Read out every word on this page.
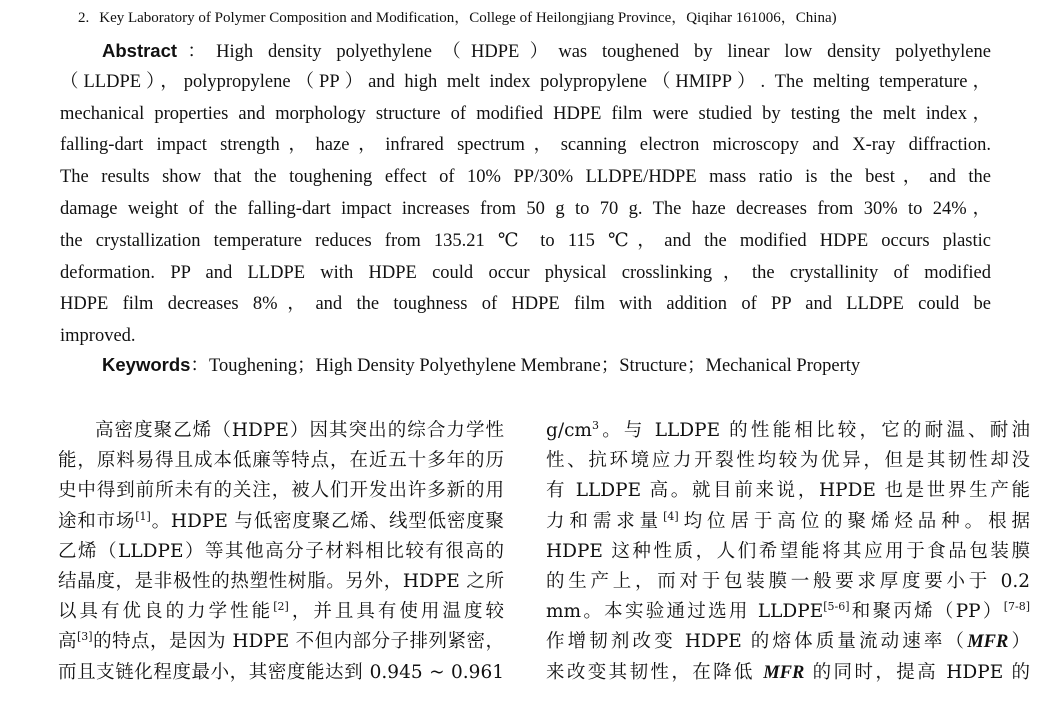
2. Key Laboratory of Polymer Composition and Modification，College of Heilongjiang Province，Qiqihar 161006，China)
Abstract：High density polyethylene（HDPE）was toughened by linear low density polyethylene
（LLDPE），polypropylene（PP）and high melt index polypropylene（HMIPP）. The melting temperature，
mechanical properties and morphology structure of modified HDPE film were studied by testing the melt index，
falling-dart impact strength，haze，infrared spectrum，scanning electron microscopy and X-ray diffraction.
The results show that the toughening effect of 10% PP/30% LLDPE/HDPE mass ratio is the best，and the
damage weight of the falling-dart impact increases from 50 g to 70 g. The haze decreases from 30% to 24%，
the crystallization temperature reduces from 135.21 ℃ to 115 ℃，and the modified HDPE occurs plastic
deformation. PP and LLDPE with HDPE could occur physical crosslinking，the crystallinity of modified
HDPE film decreases 8%，and the toughness of HDPE film with addition of PP and LLDPE could be
improved.
Keywords：Toughening；High Density Polyethylene Membrane；Structure；Mechanical Property
高密度聚乙烯（HDPE）因其突出的综合力学性
能，原料易得且成本低廉等特点，在近五十多年的历
史中得到前所未有的关注，被人们开发出许多新的用
途和市场[1]。HDPE 与低密度聚乙烯、线型低密度聚
乙烯（LLDPE）等其他高分子材料相比较有很高的
结晶度，是非极性的热塑性树脂。另外，HDPE 之所
以具有优良的力学性能[2]，并且具有使用温度较
高[3]的特点，是因为 HDPE 不但内部分子排列紧密，
而且支链化程度最小，其密度能达到 0.945 ~ 0.961
$g/cm^3$。与 LLDPE 的性能相比较，它的耐温、耐油
性、抗环境应力开裂性均较为优异，但是其韧性却没
有 LLDPE 高。就目前来说，HPDE 也是世界生产能
力和需求量[4]均位居于高位的聚烯烃品种。根据
HDPE 这种性质，人们希望能将其应用于食品包装膜
的生产上，而对于包装膜一般要求厚度要小于 0.2
mm。本实验通过选用 LLDPE[5-6]和聚丙烯（PP）[7-8]
作增韧剂改变 HDPE 的熔体质量流动速率（MFR）
来改变其韧性，在降低 MFR 的同时，提高 HDPE 的
